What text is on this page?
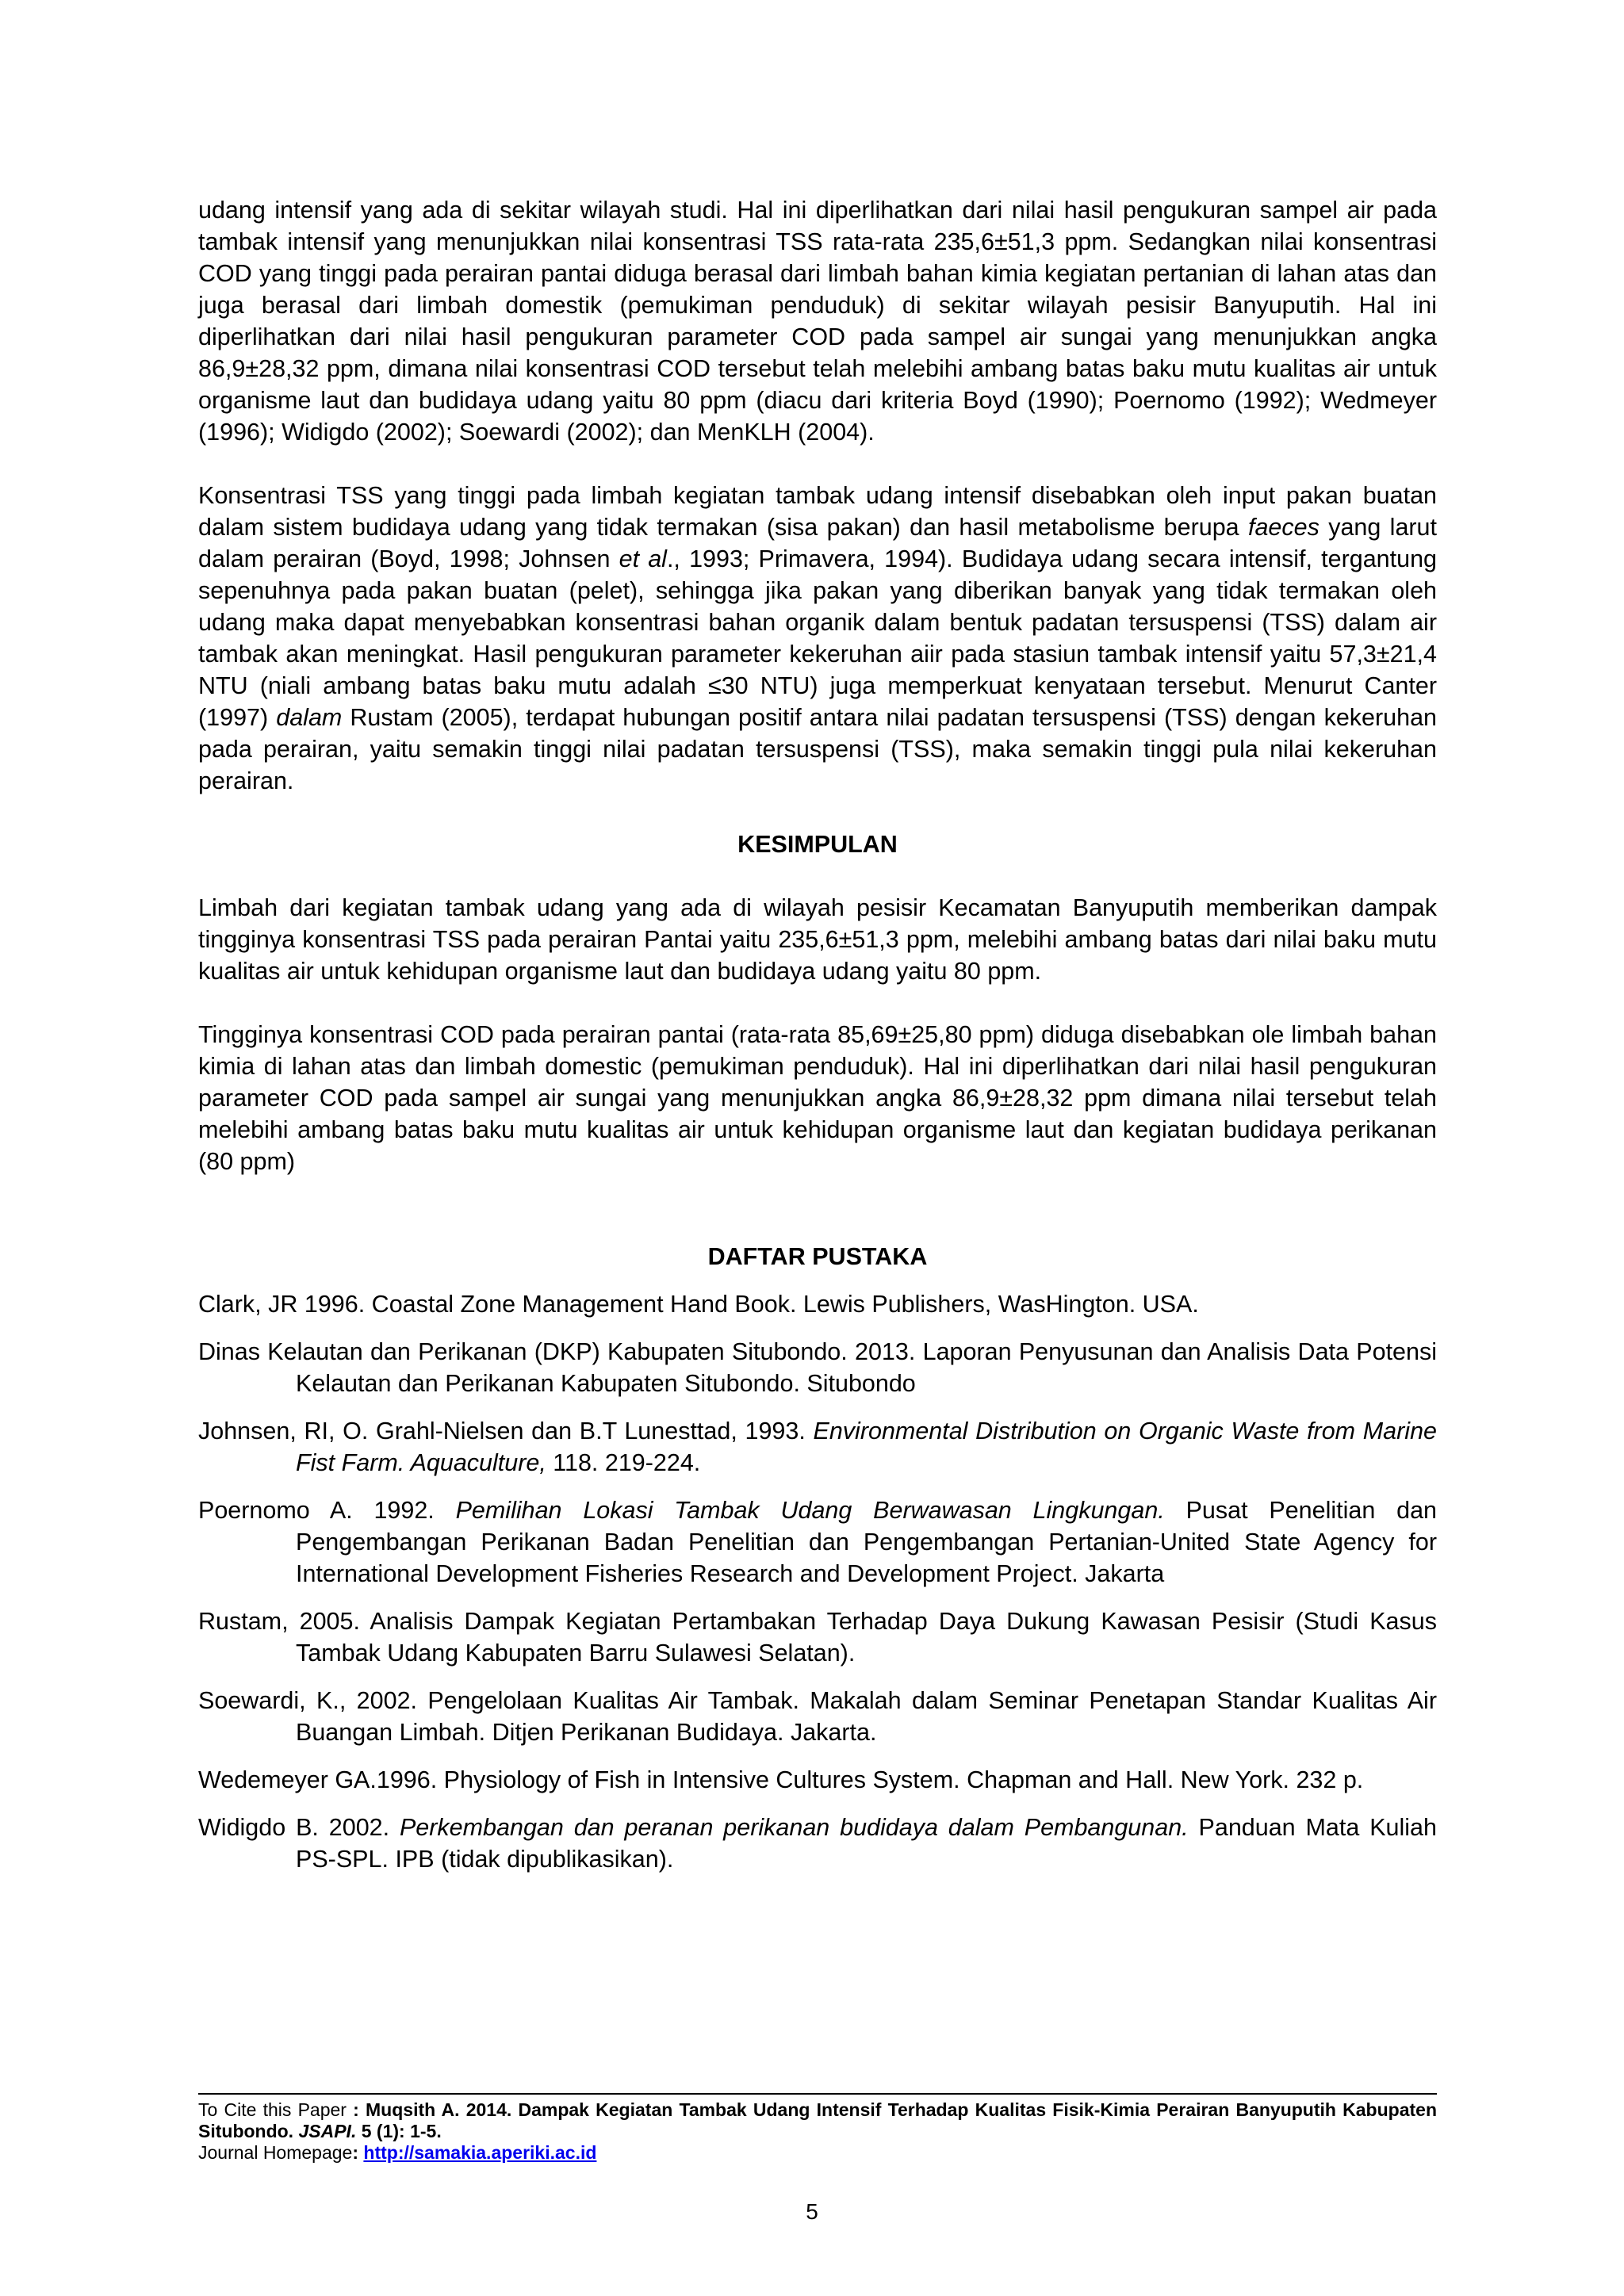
udang intensif yang ada di sekitar wilayah studi. Hal ini diperlihatkan dari nilai hasil pengukuran sampel air pada tambak intensif yang menunjukkan nilai konsentrasi TSS rata-rata 235,6±51,3 ppm. Sedangkan nilai konsentrasi COD yang tinggi pada perairan pantai diduga berasal dari limbah bahan kimia kegiatan pertanian di lahan atas dan juga berasal dari limbah domestik (pemukiman penduduk) di sekitar wilayah pesisir Banyuputih. Hal ini diperlihatkan dari nilai hasil pengukuran parameter COD pada sampel air sungai yang menunjukkan angka 86,9±28,32 ppm, dimana nilai konsentrasi COD tersebut telah melebihi ambang batas baku mutu kualitas air untuk organisme laut dan budidaya udang yaitu 80 ppm (diacu dari kriteria Boyd (1990); Poernomo (1992); Wedmeyer (1996); Widigdo (2002); Soewardi (2002); dan MenKLH (2004).

Konsentrasi TSS yang tinggi pada limbah kegiatan tambak udang intensif disebabkan oleh input pakan buatan dalam sistem budidaya udang yang tidak termakan (sisa pakan) dan hasil metabolisme berupa faeces yang larut dalam perairan (Boyd, 1998; Johnsen et al., 1993; Primavera, 1994). Budidaya udang secara intensif, tergantung sepenuhnya pada pakan buatan (pelet), sehingga jika pakan yang diberikan banyak yang tidak termakan oleh udang maka dapat menyebabkan konsentrasi bahan organik dalam bentuk padatan tersuspensi (TSS) dalam air tambak akan meningkat. Hasil pengukuran parameter kekeruhan aiir pada stasiun tambak intensif yaitu 57,3±21,4 NTU (niali ambang batas baku mutu adalah ≤30 NTU) juga memperkuat kenyataan tersebut. Menurut Canter (1997) dalam Rustam (2005), terdapat hubungan positif antara nilai padatan tersuspensi (TSS) dengan kekeruhan pada perairan, yaitu semakin tinggi nilai padatan tersuspensi (TSS), maka semakin tinggi pula nilai kekeruhan perairan.

KESIMPULAN

Limbah dari kegiatan tambak udang yang ada di wilayah pesisir Kecamatan Banyuputih memberikan dampak tingginya konsentrasi TSS pada perairan Pantai yaitu 235,6±51,3 ppm, melebihi ambang batas dari nilai baku mutu kualitas air untuk kehidupan organisme laut dan budidaya udang yaitu 80 ppm.

Tingginya konsentrasi COD pada perairan pantai (rata-rata 85,69±25,80 ppm) diduga disebabkan ole limbah bahan kimia di lahan atas dan limbah domestic (pemukiman penduduk). Hal ini diperlihatkan dari nilai hasil pengukuran parameter COD pada sampel air sungai yang menunjukkan angka 86,9±28,32 ppm dimana nilai tersebut telah melebihi ambang batas baku mutu kualitas air untuk kehidupan organisme laut dan kegiatan budidaya perikanan (80 ppm)

DAFTAR PUSTAKA

Clark, JR 1996. Coastal Zone Management Hand Book. Lewis Publishers, WasHington. USA.

Dinas Kelautan dan Perikanan (DKP) Kabupaten Situbondo. 2013. Laporan Penyusunan dan Analisis Data Potensi Kelautan dan Perikanan Kabupaten Situbondo. Situbondo

Johnsen, RI, O. Grahl-Nielsen dan B.T Lunesttad, 1993. Environmental Distribution on Organic Waste from Marine Fist Farm. Aquaculture, 118. 219-224.

Poernomo A. 1992. Pemilihan Lokasi Tambak Udang Berwawasan Lingkungan. Pusat Penelitian dan Pengembangan Perikanan Badan Penelitian dan Pengembangan Pertanian-United State Agency for International Development Fisheries Research and Development Project. Jakarta

Rustam, 2005. Analisis Dampak Kegiatan Pertambakan Terhadap Daya Dukung Kawasan Pesisir (Studi Kasus Tambak Udang Kabupaten Barru Sulawesi Selatan).

Soewardi, K., 2002. Pengelolaan Kualitas Air Tambak. Makalah dalam Seminar Penetapan Standar Kualitas Air Buangan Limbah. Ditjen Perikanan Budidaya. Jakarta.

Wedemeyer GA.1996. Physiology of Fish in Intensive Cultures System. Chapman and Hall. New York. 232 p.

Widigdo B. 2002. Perkembangan dan peranan perikanan budidaya dalam Pembangunan. Panduan Mata Kuliah PS-SPL. IPB (tidak dipublikasikan).

To Cite this Paper : Muqsith A. 2014. Dampak Kegiatan Tambak Udang Intensif Terhadap Kualitas Fisik-Kimia Perairan Banyuputih Kabupaten Situbondo. JSAPI. 5 (1): 1-5.

Journal Homepage: http://samakia.aperiki.ac.id

5
